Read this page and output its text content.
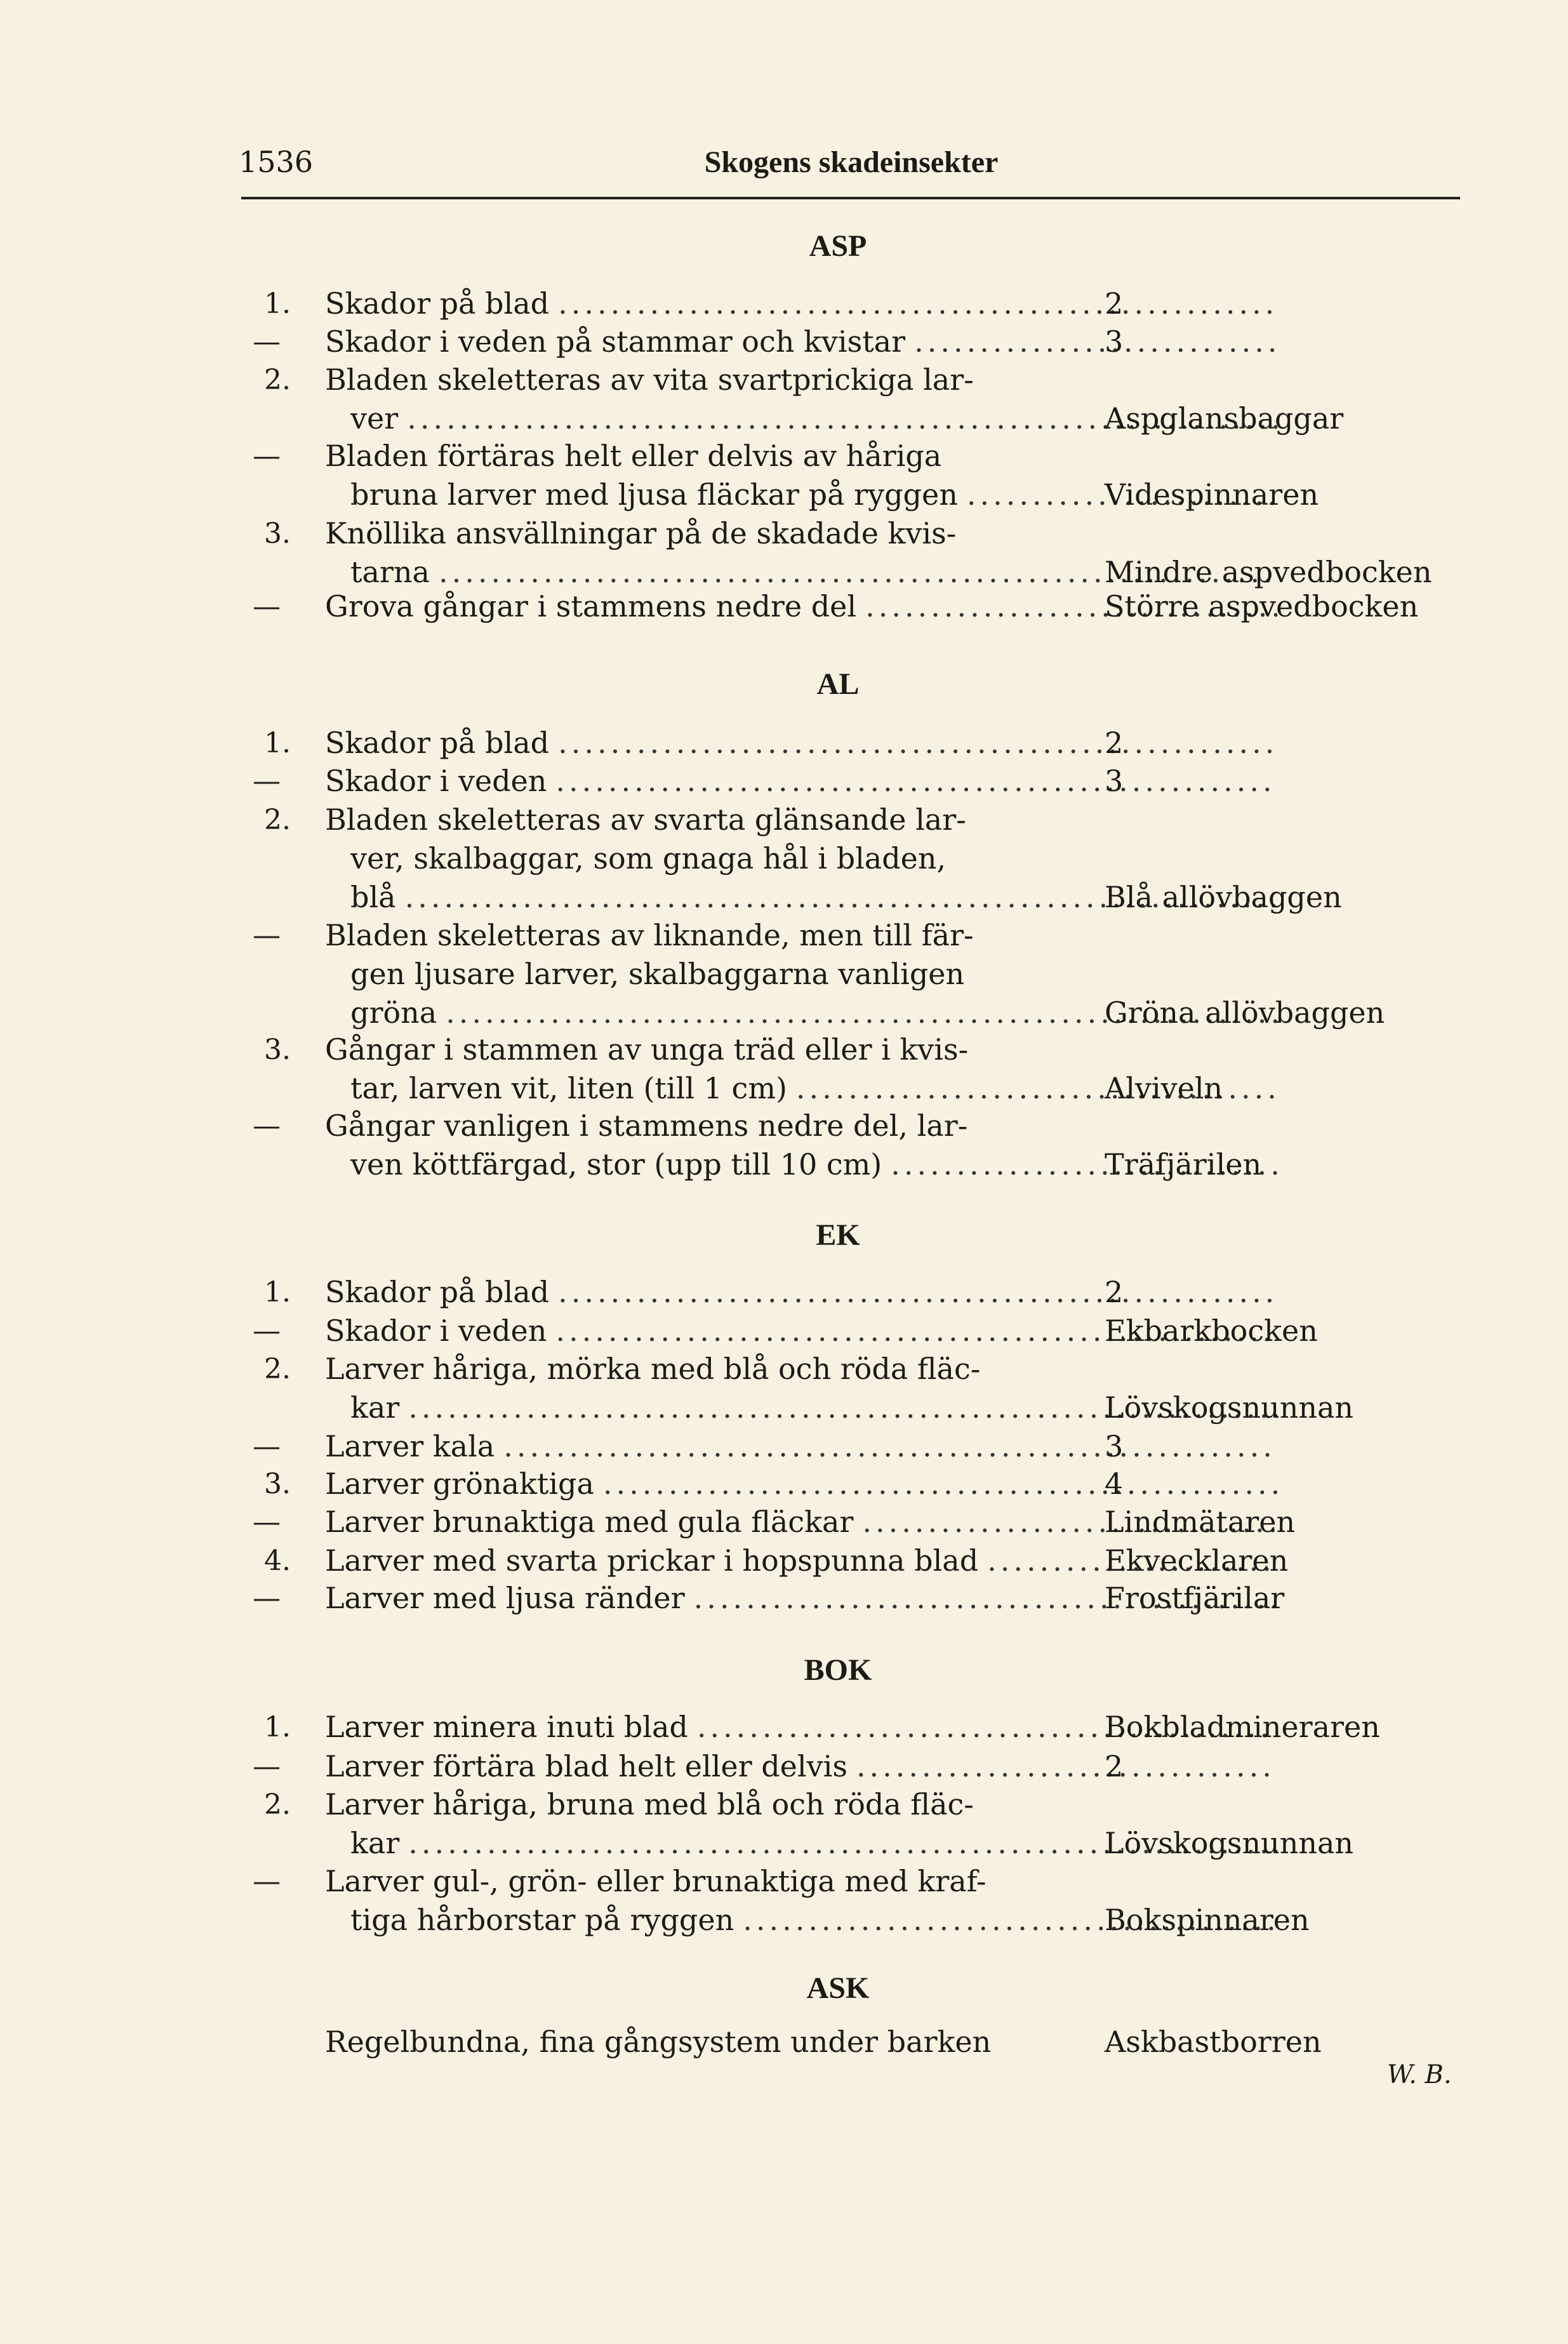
1536	Skogens skadeinsekter
ASP
1. Skador på blad .....	2
—	Skador i veden på stammar och kvistar .....	3
2. Bladen skeletteras av vita svartprickiga lar-
ver .....	Aspglansbaggar
—	Bladen förtäras helt eller delvis av håriga
bruna larver med ljusa fläckar på ryggen .....	Videspinnaren
3. Knöllika ansvällningar på de skadade kvis-
tarna .....	Mindre aspvedbocken
—	Grova gångar i stammens nedre del .....	Större aspvedbocken
AL
1. Skador på blad .....	2
—	Skador i veden .....	3
2. Bladen skeletteras av svarta glänsande lar-
ver, skalbaggar, som gnaga hål i bladen,
blå .....	Blå allövbaggen
—	Bladen skeletteras av liknande, men till fär-
gen ljusare larver, skalbaggarna vanligen
gröna .....	Gröna allövbaggen
3. Gångar i stammen av unga träd eller i kvis-
tar, larven vit, liten (till 1 cm) .....	Alviveln
—	Gångar vanligen i stammens nedre del, lar-
ven köttfärgad, stor (upp till 10 cm) .....	Träfjärilen
EK
1. Skador på blad .....	2
—	Skador i veden .....	Ekbarkbocken
2. Larver håriga, mörka med blå och röda fläc-
kar .....	Lövskogsnunnan
—	Larver kala .....	3
3. Larver grönaktiga .....	4
—	Larver brunaktiga med gula fläckar .....	Lindmätaren
4. Larver med svarta prickar i hopspunna blad .....	Ekvecklaren
—	Larver med ljusa ränder .....	Frostfjärilar
BOK
1. Larver minera inuti blad .....	Bokbladmineraren
—	Larver förtära blad helt eller delvis .....	2
2. Larver håriga, bruna med blå och röda fläc-
kar .....	Lövskogsnunnan
—	Larver gul-, grön- eller brunaktiga med kraf-
tiga hårborstar på ryggen .....	Bokspinnaren
ASK
Regelbundna, fina gångsystem under barken	Askbastborren
W. B.
